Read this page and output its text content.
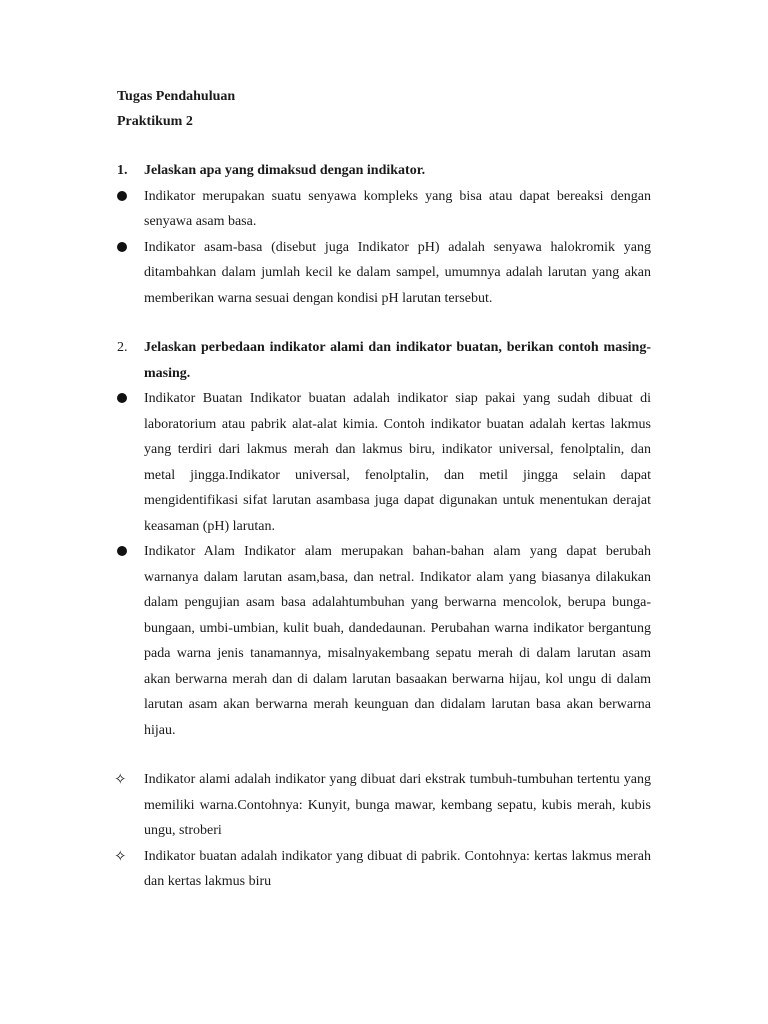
Tugas Pendahuluan
Praktikum 2
1.	Jelaskan apa yang dimaksud dengan indikator.
Indikator merupakan suatu senyawa kompleks yang bisa atau dapat bereaksi dengan senyawa asam basa.
Indikator asam-basa (disebut juga Indikator pH) adalah senyawa halokromik yang ditambahkan dalam jumlah kecil ke dalam sampel, umumnya adalah larutan yang akan memberikan warna sesuai dengan kondisi pH larutan tersebut.
2.	Jelaskan perbedaan indikator alami dan indikator buatan, berikan contoh masing-masing.
Indikator Buatan Indikator buatan adalah indikator siap pakai yang sudah dibuat di laboratorium atau pabrik alat-alat kimia. Contoh indikator buatan adalah kertas lakmus yang terdiri dari lakmus merah dan lakmus biru, indikator universal, fenolptalin, dan metal jingga.Indikator universal, fenolptalin, dan metil jingga selain dapat mengidentifikasi sifat larutan asambasa juga dapat digunakan untuk menentukan derajat keasaman (pH) larutan.
Indikator Alam Indikator alam merupakan bahan-bahan alam yang dapat berubah warnanya dalam larutan asam,basa, dan netral. Indikator alam yang biasanya dilakukan dalam pengujian asam basa adalahtumbuhan yang berwarna mencolok, berupa bunga-bungaan, umbi-umbian, kulit buah, dandedaunan. Perubahan warna indikator bergantung pada warna jenis tanamannya, misalnyakembang sepatu merah di dalam larutan asam akan berwarna merah dan di dalam larutan basaakan berwarna hijau, kol ungu di dalam larutan asam akan berwarna merah keunguan dan didalam larutan basa akan berwarna hijau.
✧ Indikator alami adalah indikator yang dibuat dari ekstrak tumbuh-tumbuhan tertentu yang memiliki warna.Contohnya: Kunyit, bunga mawar, kembang sepatu, kubis merah, kubis ungu, stroberi
✧ Indikator buatan adalah indikator yang dibuat di pabrik. Contohnya: kertas lakmus merah dan kertas lakmus biru
